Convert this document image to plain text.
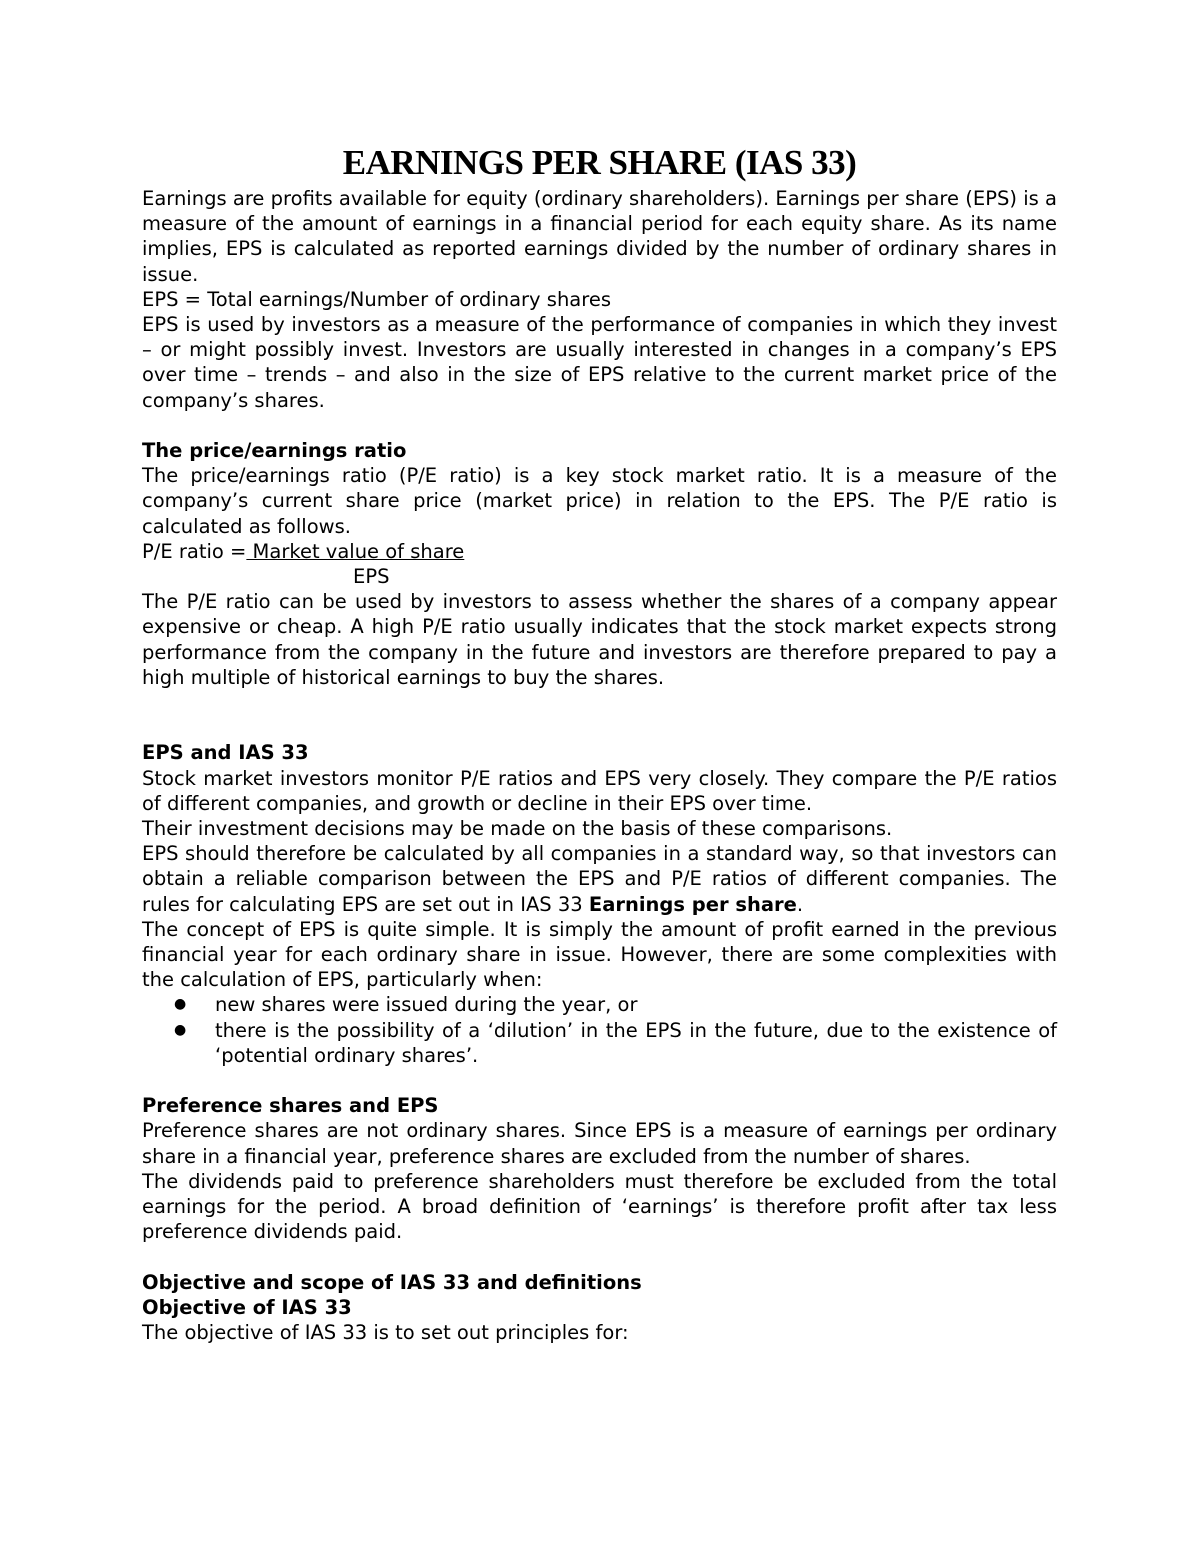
EARNINGS PER SHARE (IAS 33)

Earnings are profits available for equity (ordinary shareholders). Earnings per share (EPS) is a measure of the amount of earnings in a financial period for each equity share. As its name implies, EPS is calculated as reported earnings divided by the number of ordinary shares in issue.

EPS = Total earnings/Number of ordinary shares

EPS is used by investors as a measure of the performance of companies in which they invest – or might possibly invest. Investors are usually interested in changes in a company’s EPS over time – trends – and also in the size of EPS relative to the current market price of the company’s shares.

The price/earnings ratio

The price/earnings ratio (P/E ratio) is a key stock market ratio. It is a measure of the company’s current share price (market price) in relation to the EPS. The P/E ratio is calculated as follows.

P/E ratio = Market value of share

EPS

The P/E ratio can be used by investors to assess whether the shares of a company appear expensive or cheap. A high P/E ratio usually indicates that the stock market expects strong performance from the company in the future and investors are therefore prepared to pay a high multiple of historical earnings to buy the shares.

EPS and IAS 33

Stock market investors monitor P/E ratios and EPS very closely. They compare the P/E ratios of different companies, and growth or decline in their EPS over time.

Their investment decisions may be made on the basis of these comparisons.

EPS should therefore be calculated by all companies in a standard way, so that investors can obtain a reliable comparison between the EPS and P/E ratios of different companies. The rules for calculating EPS are set out in IAS 33 Earnings per share.

The concept of EPS is quite simple. It is simply the amount of profit earned in the previous financial year for each ordinary share in issue. However, there are some complexities with the calculation of EPS, particularly when:

● new shares were issued during the year, or
● there is the possibility of a ‘dilution’ in the EPS in the future, due to the existence of ‘potential ordinary shares’.

Preference shares and EPS

Preference shares are not ordinary shares. Since EPS is a measure of earnings per ordinary share in a financial year, preference shares are excluded from the number of shares.

The dividends paid to preference shareholders must therefore be excluded from the total earnings for the period. A broad definition of ‘earnings’ is therefore profit after tax less preference dividends paid.

Objective and scope of IAS 33 and definitions

Objective of IAS 33

The objective of IAS 33 is to set out principles for:
